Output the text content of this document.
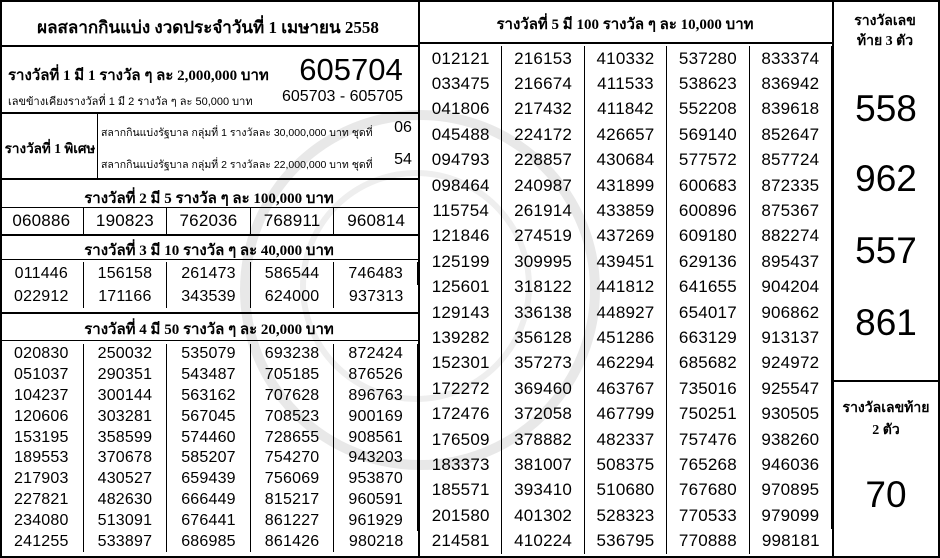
ผลสลากกินแบ่ง งวดประจำวันที่ 1 เมษายน 2558
รางวัลที่ 1 มี 1 รางวัล ๆ ละ 2,000,000 บาท 605704
เลขข้างเคียงรางวัลที่ 1 มี 2 รางวัล ๆ ละ 50,000 บาท	605703 - 605705
รางวัลที่ 1 พิเศษ
สลากกินแบ่งรัฐบาล กลุ่มที่ 1 รางวัลละ 30,000,000 บาท ชุดที่	06
สลากกินแบ่งรัฐบาล กลุ่มที่ 2 รางวัลละ 22,000,000 บาท ชุดที่	54
รางวัลที่ 2 มี 5 รางวัล ๆ ละ 100,000 บาท
060886	190823	762036	768911	960814
รางวัลที่ 3 มี 10 รางวัล ๆ ละ 40,000 บาท
011446	156158	261473	586544	746483
022912	171166	343539	624000	937313
รางวัลที่ 4 มี 50 รางวัล ๆ ละ 20,000 บาท
020830	250032	535079	693238	872424
051037	290351	543487	705185	876526
104237	300144	563162	707628	896763
120606	303281	567045	708523	900169
153195	358599	574460	728655	908561
189553	370678	585207	754270	943203
217903	430527	659439	756069	953870
227821	482630	666449	815217	960591
234080	513091	676441	861227	961929
241255	533897	686985	861426	980218
รางวัลที่ 5 มี 100 รางวัล ๆ ละ 10,000 บาท
012121	216153	410332	537280	833374
033475	216674	411533	538623	836942
041806	217432	411842	552208	839618
045488	224172	426657	569140	852647
094793	228857	430684	577572	857724
098464	240987	431899	600683	872335
115754	261914	433859	600896	875367
121846	274519	437269	609180	882274
125199	309995	439451	629136	895437
125601	318122	441812	641655	904204
129143	336138	448927	654017	906862
139282	356128	451286	663129	913137
152301	357273	462294	685682	924972
172272	369460	463767	735016	925547
172476	372058	467799	750251	930505
176509	378882	482337	757476	938260
183373	381007	508375	765268	946036
185571	393410	510680	767680	970895
201580	401302	528323	770533	979099
214581	410224	536795	770888	998181
รางวัลเลขท้าย 3 ตัว
558
962
557
861
รางวัลเลขท้าย 2 ตัว
70
